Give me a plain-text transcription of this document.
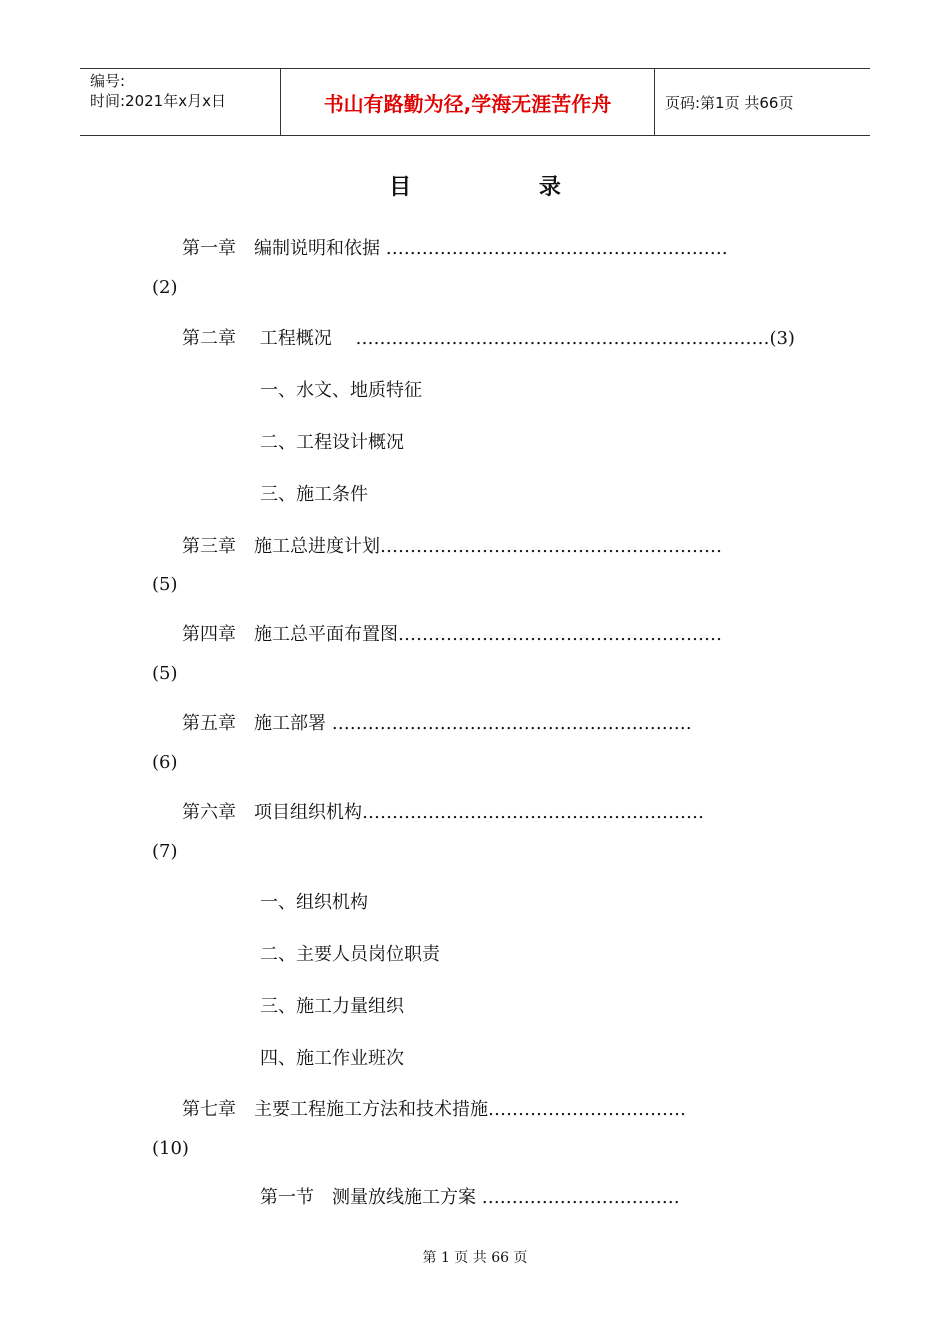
编号:
时间:2021年x月x日	书山有路勤为径,学海无涯苦作舟	页码:第1页 共66页
目 录
第一章　编制说明和依据 …………………………………………………
(2)
第二章　 工程概况　 ……………………………………………………………(3)
一、水文、地质特征
二、工程设计概况
三、施工条件
第三章　施工总进度计划…………………………………………………
(5)
第四章　施工总平面布置图………………………………………………
(5)
第五章　施工部署 ……………………………………………………
(6)
第六章　项目组织机构…………………………………………………
(7)
一、组织机构
二、主要人员岗位职责
三、施工力量组织
四、施工作业班次
第七章　主要工程施工方法和技术措施……………………………
(10)
第一节　测量放线施工方案 ……………………………
第 1 页 共 66 页
